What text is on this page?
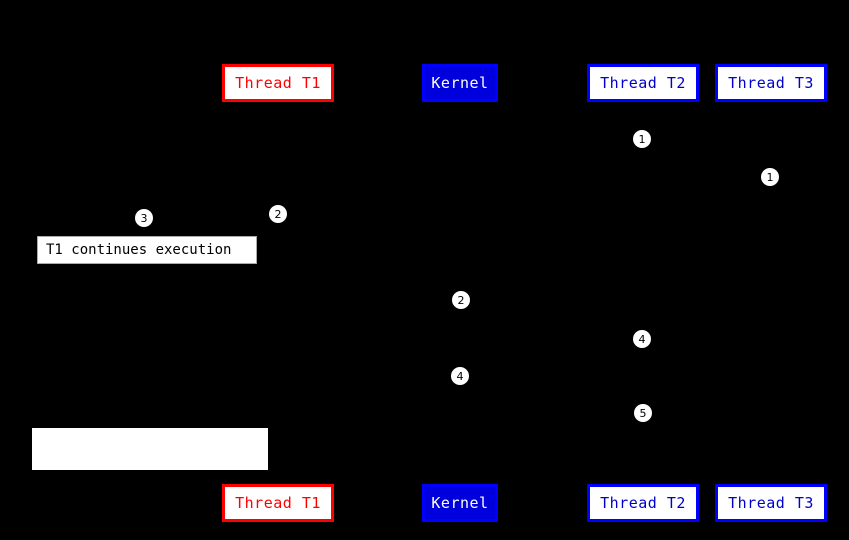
Thread T1	Kernel	Thread T2	Thread T3
Thread T1	Kernel	Thread T2	Thread T3
1
1
3	2
2
4
4
5
T1 continues execution
